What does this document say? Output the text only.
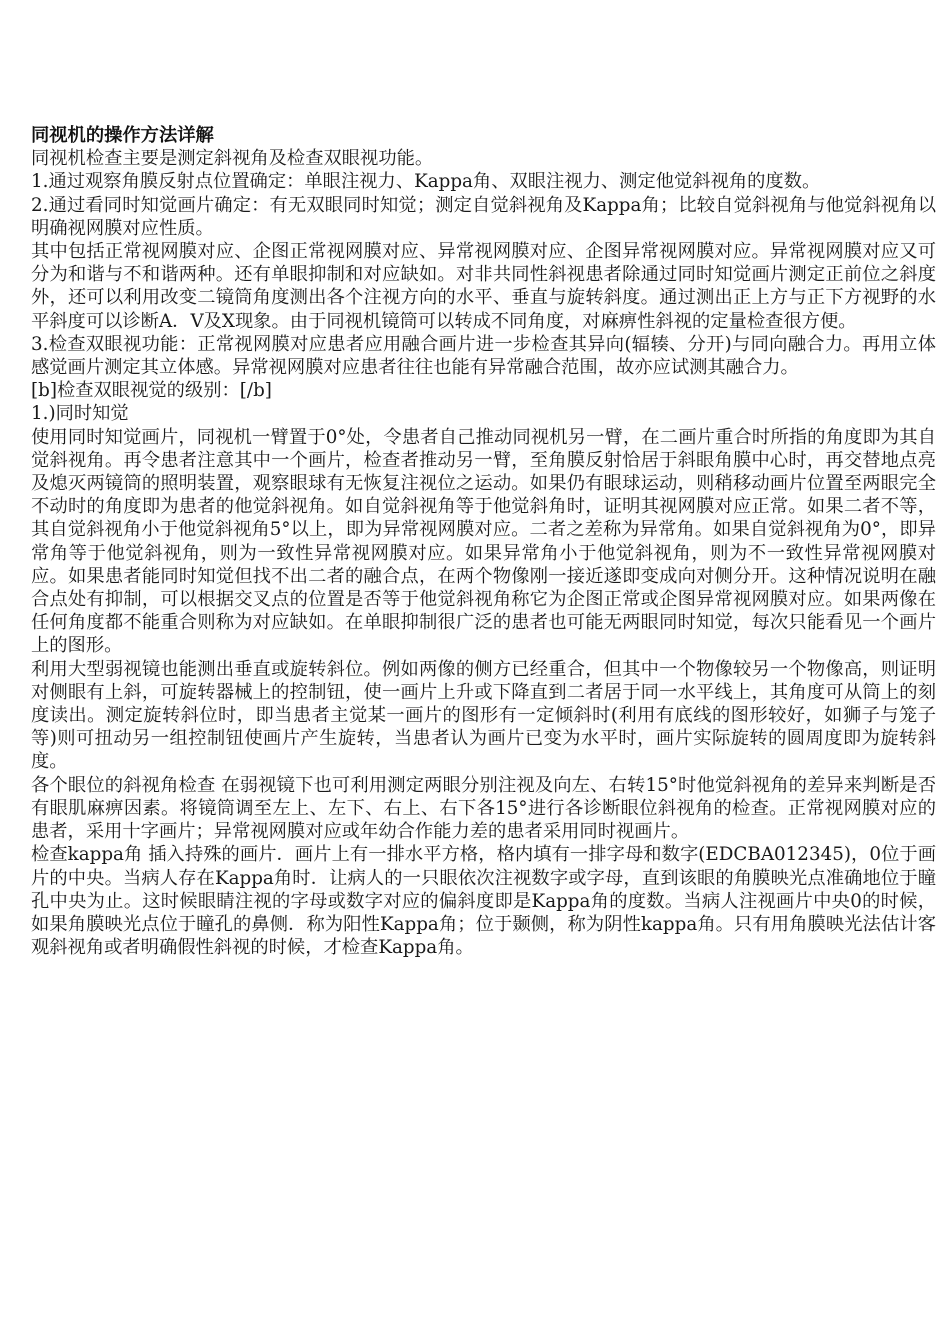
同视机的操作方法详解

同视机检查主要是测定斜视角及检查双眼视功能。

1.通过观察角膜反射点位置确定：单眼注视力、Kappa角、双眼注视力、测定他觉斜视角的度数。

2.通过看同时知觉画片确定：有无双眼同时知觉；测定自觉斜视角及Kappa角；比较自觉斜视角与他觉斜视角以明确视网膜对应性质。

其中包括正常视网膜对应、企图正常视网膜对应、异常视网膜对应、企图异常视网膜对应。异常视网膜对应又可分为和谐与不和谐两种。还有单眼抑制和对应缺如。对非共同性斜视患者除通过同时知觉画片测定正前位之斜度外，还可以利用改变二镜筒角度测出各个注视方向的水平、垂直与旋转斜度。通过测出正上方与正下方视野的水平斜度可以诊断A．V及X现象。由于同视机镜筒可以转成不同角度，对麻痹性斜视的定量检查很方便。

3.检查双眼视功能：正常视网膜对应患者应用融合画片进一步检查其异向(辐辏、分开)与同向融合力。再用立体感觉画片测定其立体感。异常视网膜对应患者往往也能有异常融合范围，故亦应试测其融合力。

[b]检查双眼视觉的级别：[/b]

1.)同时知觉

使用同时知觉画片，同视机一臂置于0°处，令患者自己推动同视机另一臂，在二画片重合时所指的角度即为其自觉斜视角。再令患者注意其中一个画片，检查者推动另一臂，至角膜反射恰居于斜眼角膜中心时，再交替地点亮及熄灭两镜筒的照明装置，观察眼球有无恢复注视位之运动。如果仍有眼球运动，则稍移动画片位置至两眼完全不动时的角度即为患者的他觉斜视角。如自觉斜视角等于他觉斜角时，证明其视网膜对应正常。如果二者不等，其自觉斜视角小于他觉斜视角5°以上，即为异常视网膜对应。二者之差称为异常角。如果自觉斜视角为0°，即异常角等于他觉斜视角，则为一致性异常视网膜对应。如果异常角小于他觉斜视角，则为不一致性异常视网膜对应。如果患者能同时知觉但找不出二者的融合点，在两个物像刚一接近遂即变成向对侧分开。这种情况说明在融合点处有抑制，可以根据交叉点的位置是否等于他觉斜视角称它为企图正常或企图异常视网膜对应。如果两像在任何角度都不能重合则称为对应缺如。在单眼抑制很广泛的患者也可能无两眼同时知觉，每次只能看见一个画片上的图形。

利用大型弱视镜也能测出垂直或旋转斜位。例如两像的侧方已经重合，但其中一个物像较另一个物像高，则证明对侧眼有上斜，可旋转器械上的控制钮，使一画片上升或下降直到二者居于同一水平线上，其角度可从筒上的刻度读出。测定旋转斜位时，即当患者主觉某一画片的图形有一定倾斜时(利用有底线的图形较好，如狮子与笼子等)则可扭动另一组控制钮使画片产生旋转，当患者认为画片已变为水平时，画片实际旋转的圆周度即为旋转斜度。

各个眼位的斜视角检查 在弱视镜下也可利用测定两眼分别注视及向左、右转15°时他觉斜视角的差异来判断是否有眼肌麻痹因素。将镜筒调至左上、左下、右上、右下各15°进行各诊断眼位斜视角的检查。正常视网膜对应的患者，采用十字画片；异常视网膜对应或年幼合作能力差的患者采用同时视画片。

检查kappa角 插入持殊的画片．画片上有一排水平方格，格内填有一排字母和数字(EDCBA012345)，0位于画片的中央。当病人存在Kappa角时．让病人的一只眼依次注视数字或字母，直到该眼的角膜映光点准确地位于瞳孔中央为止。这时候眼睛注视的字母或数字对应的偏斜度即是Kappa角的度数。当病人注视画片中央0的时候，如果角膜映光点位于瞳孔的鼻侧．称为阳性Kappa角；位于颞侧，称为阴性kappa角。只有用角膜映光法估计客观斜视角或者明确假性斜视的时候，才检查Kappa角。
